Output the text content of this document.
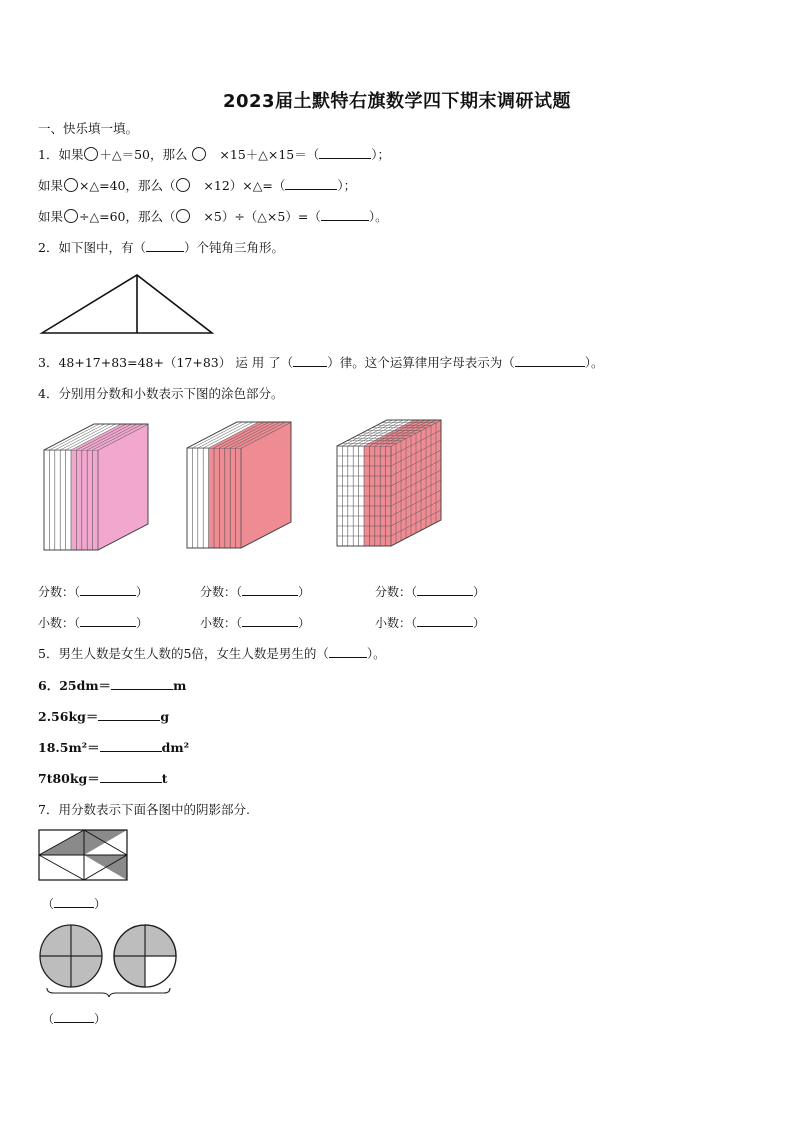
2023届土默特右旗数学四下期末调研试题
一、快乐填一填。
1．如果 ＋△＝50，那么	×15＋△×15＝（	）；
如果 ×△=40，那么（ ×12）×△=（	）；
如果 ÷△=60，那么（ ×5）÷（△×5）=（	）。
2．如下图中，有（	）个钝角三角形。
3．48+17+83=48+（17+83） 运 用 了（	）律。这个运算律用字母表示为（	）。
4．分别用分数和小数表示下图的涂色部分。
分数：（	）	分数：（	）	分数：（	）
小数：（	）	小数：（	）	小数：（	）
5．男生人数是女生人数的5倍，女生人数是男生的（	）。
6．25dm＝	m
2.56kg＝	g
18.5m²＝	dm²
7t80kg＝	t
7．用分数表示下面各图中的阴影部分.
（	）
（	）
